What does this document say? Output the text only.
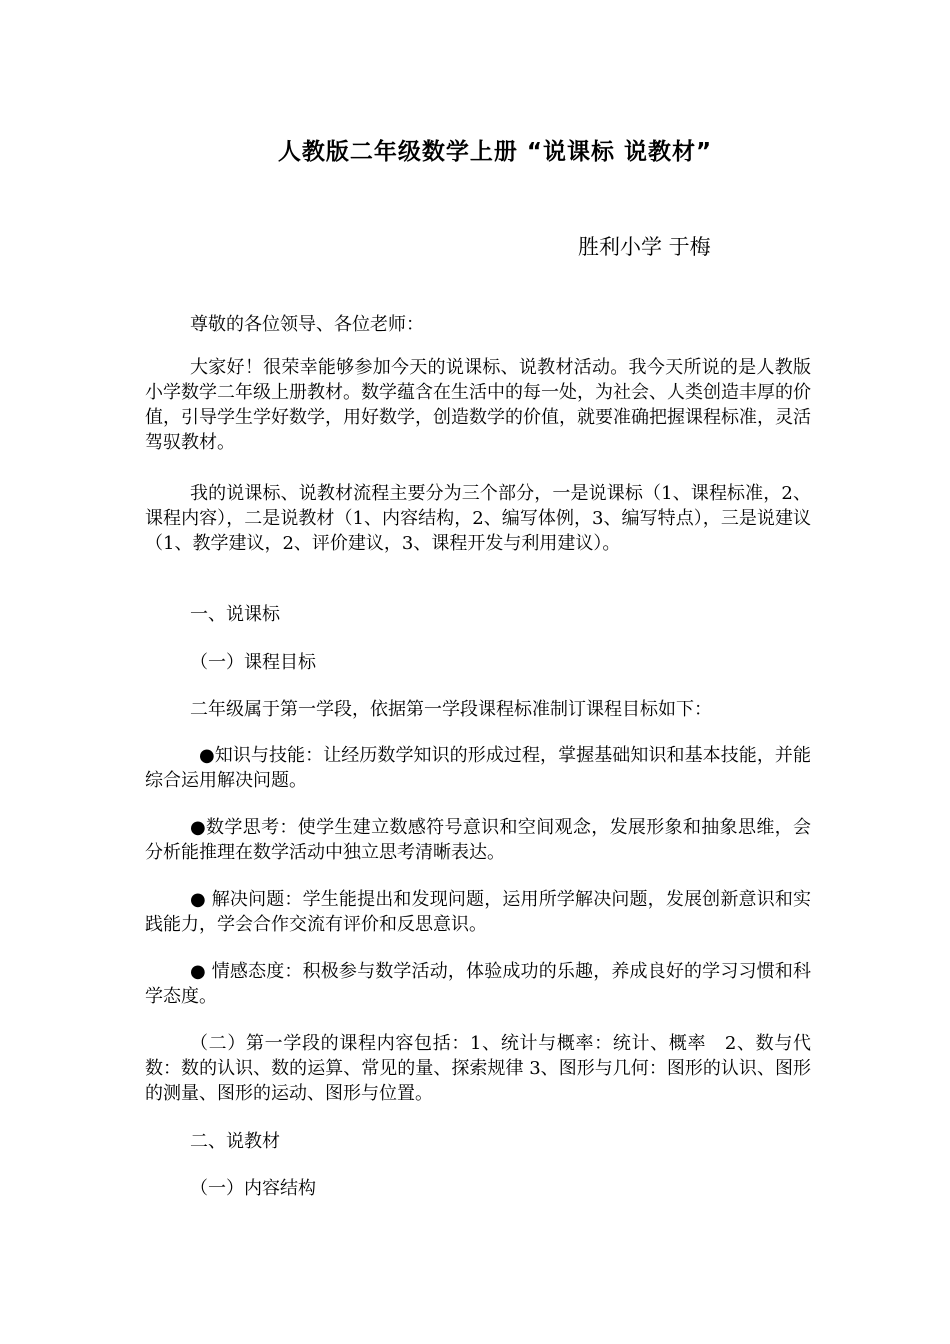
人教版二年级数学上册 “说课标 说教材”
胜利小学 于梅
尊敬的各位领导、各位老师：
大家好！很荣幸能够参加今天的说课标、说教材活动。我今天所说的是人教版小学数学二年级上册教材。数学蕴含在生活中的每一处，为社会、人类创造丰厚的价值，引导学生学好数学，用好数学，创造数学的价值，就要准确把握课程标准，灵活驾驭教材。
我的说课标、说教材流程主要分为三个部分，一是说课标（1、课程标准，2、课程内容），二是说教材（1、内容结构，2、编写体例，3、编写特点），三是说建议（1、教学建议，2、评价建议，3、课程开发与利用建议）。
一、说课标
（一）课程目标
二年级属于第一学段，依据第一学段课程标准制订课程目标如下：
●知识与技能：让经历数学知识的形成过程，掌握基础知识和基本技能，并能综合运用解决问题。
●数学思考：使学生建立数感符号意识和空间观念，发展形象和抽象思维，会分析能推理在数学活动中独立思考清晰表达。
● 解决问题：学生能提出和发现问题，运用所学解决问题，发展创新意识和实践能力，学会合作交流有评价和反思意识。
● 情感态度：积极参与数学活动，体验成功的乐趣，养成良好的学习习惯和科学态度。
（二）第一学段的课程内容包括：1、统计与概率：统计、概率　2、数与代数：数的认识、数的运算、常见的量、探索规律 3、图形与几何：图形的认识、图形的测量、图形的运动、图形与位置。
二、说教材
（一）内容结构
